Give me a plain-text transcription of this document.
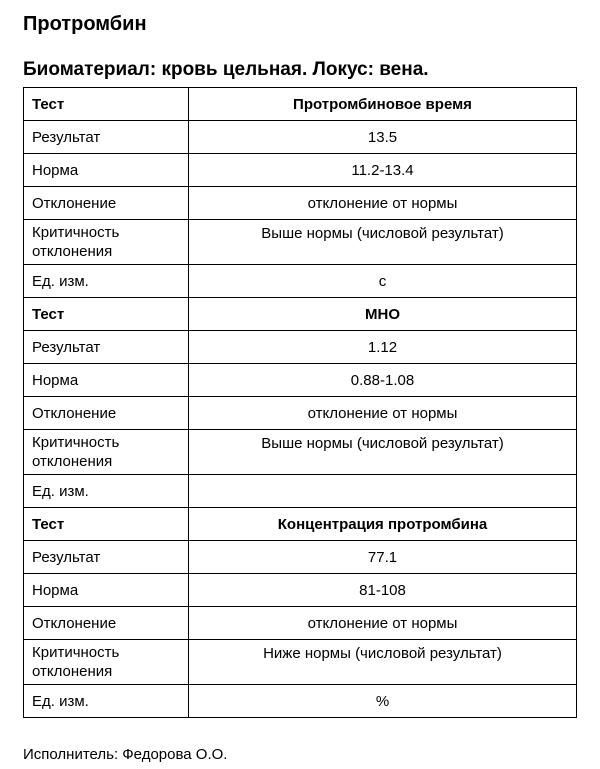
Протромбин
Биоматериал: кровь цельная. Локус: вена.
Тест	Протромбиновое время
Результат	13.5
Норма	11.2-13.4
Отклонение	отклонение от нормы
Критичность отклонения	Выше нормы (числовой результат)
Ед. изм.	с
Тест	МНО
Результат	1.12
Норма	0.88-1.08
Отклонение	отклонение от нормы
Критичность отклонения	Выше нормы (числовой результат)
Ед. изм.	
Тест	Концентрация протромбина
Результат	77.1
Норма	81-108
Отклонение	отклонение от нормы
Критичность отклонения	Ниже нормы (числовой результат)
Ед. изм.	%

Исполнитель: Федорова О.О.
